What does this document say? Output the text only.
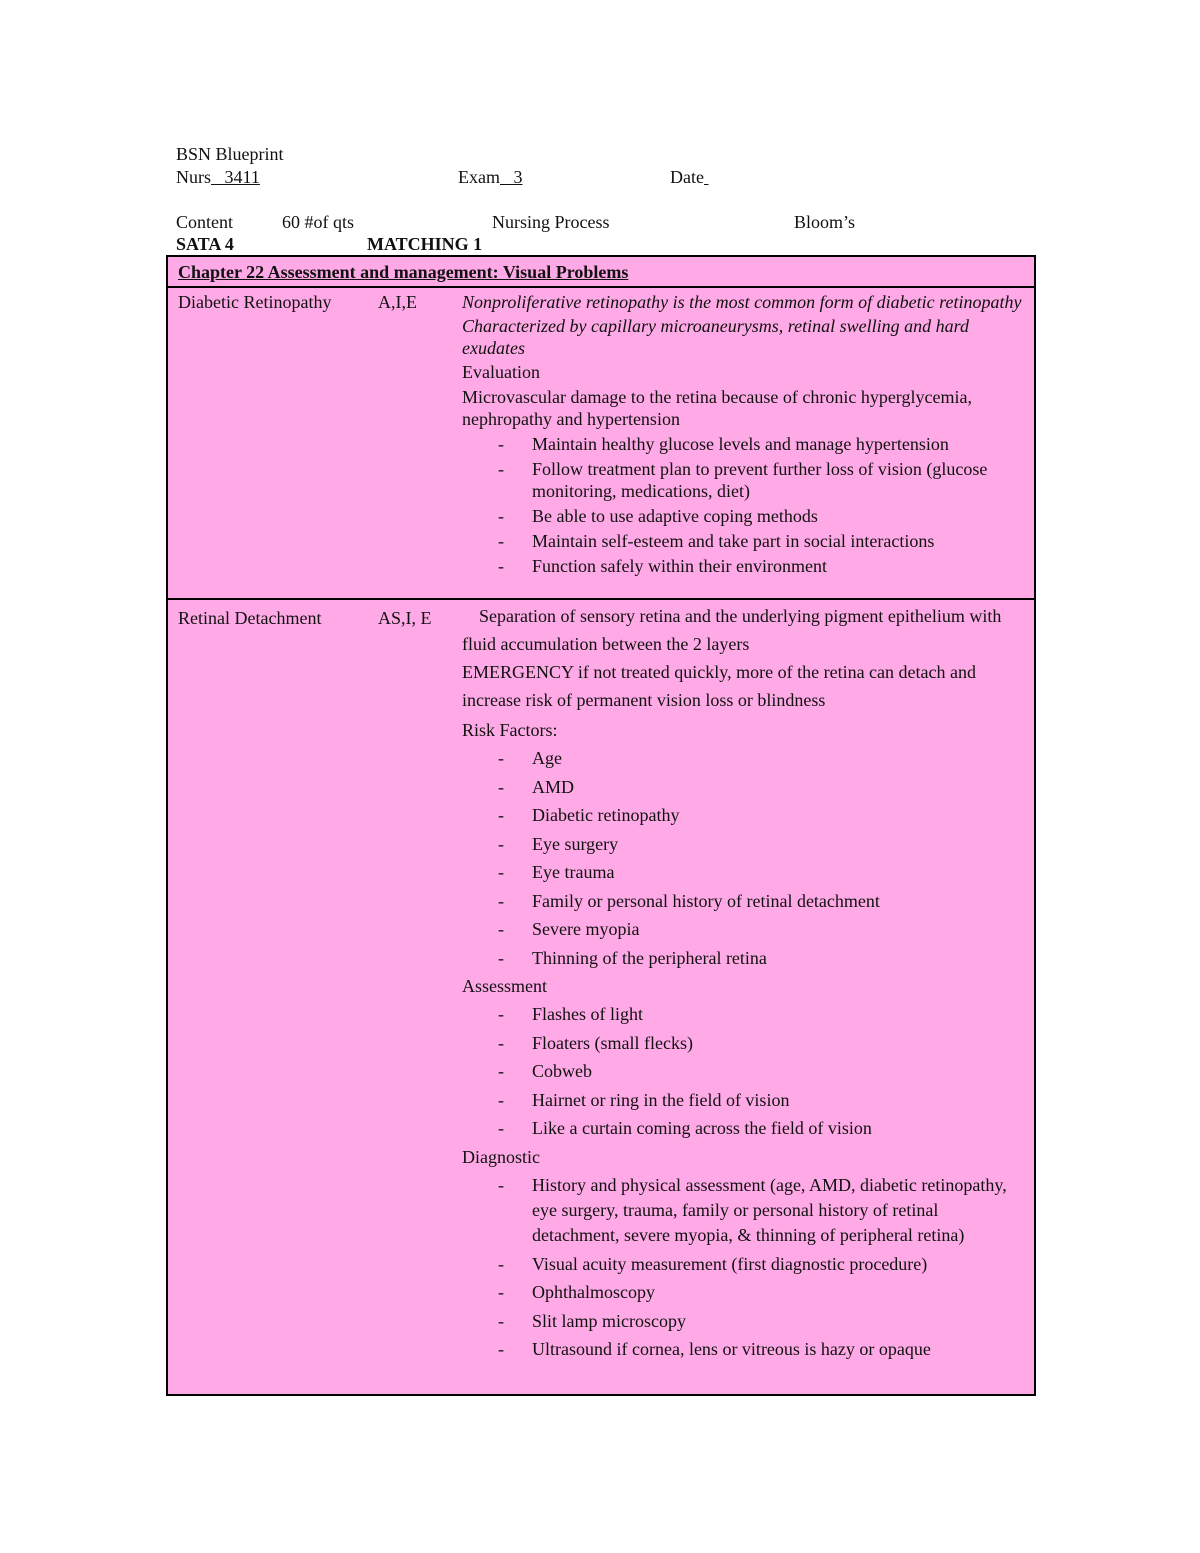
BSN Blueprint
Nurs 3411	Exam 3	Date
Content	60 #of qts	Nursing Process	Bloom’s
SATA 4	MATCHING 1
Chapter 22 Assessment and management: Visual Problems
Diabetic Retinopathy	A,I,E	Nonproliferative retinopathy is the most common form of diabetic retinopathy

Characterized by capillary microaneurysms, retinal swelling and hard exudates

Evaluation

Microvascular damage to the retina because of chronic hyperglycemia, nephropathy and hypertension

- Maintain healthy glucose levels and manage hypertension
- Follow treatment plan to prevent further loss of vision (glucose monitoring, medications, diet)
- Be able to use adaptive coping methods
- Maintain self-esteem and take part in social interactions
- Function safely within their environment
Retinal Detachment	AS,I, E	Separation of sensory retina and the underlying pigment epithelium with fluid accumulation between the 2 layers

EMERGENCY if not treated quickly, more of the retina can detach and increase risk of permanent vision loss or blindness

Risk Factors:

- Age
- AMD
- Diabetic retinopathy
- Eye surgery
- Eye trauma
- Family or personal history of retinal detachment
- Severe myopia
- Thinning of the peripheral retina

Assessment

- Flashes of light
- Floaters (small flecks)
- Cobweb
- Hairnet or ring in the field of vision
- Like a curtain coming across the field of vision

Diagnostic

- History and physical assessment (age, AMD, diabetic retinopathy, eye surgery, trauma, family or personal history of retinal detachment, severe myopia, & thinning of peripheral retina)
- Visual acuity measurement (first diagnostic procedure)
- Ophthalmoscopy
- Slit lamp microscopy
- Ultrasound if cornea, lens or vitreous is hazy or opaque
